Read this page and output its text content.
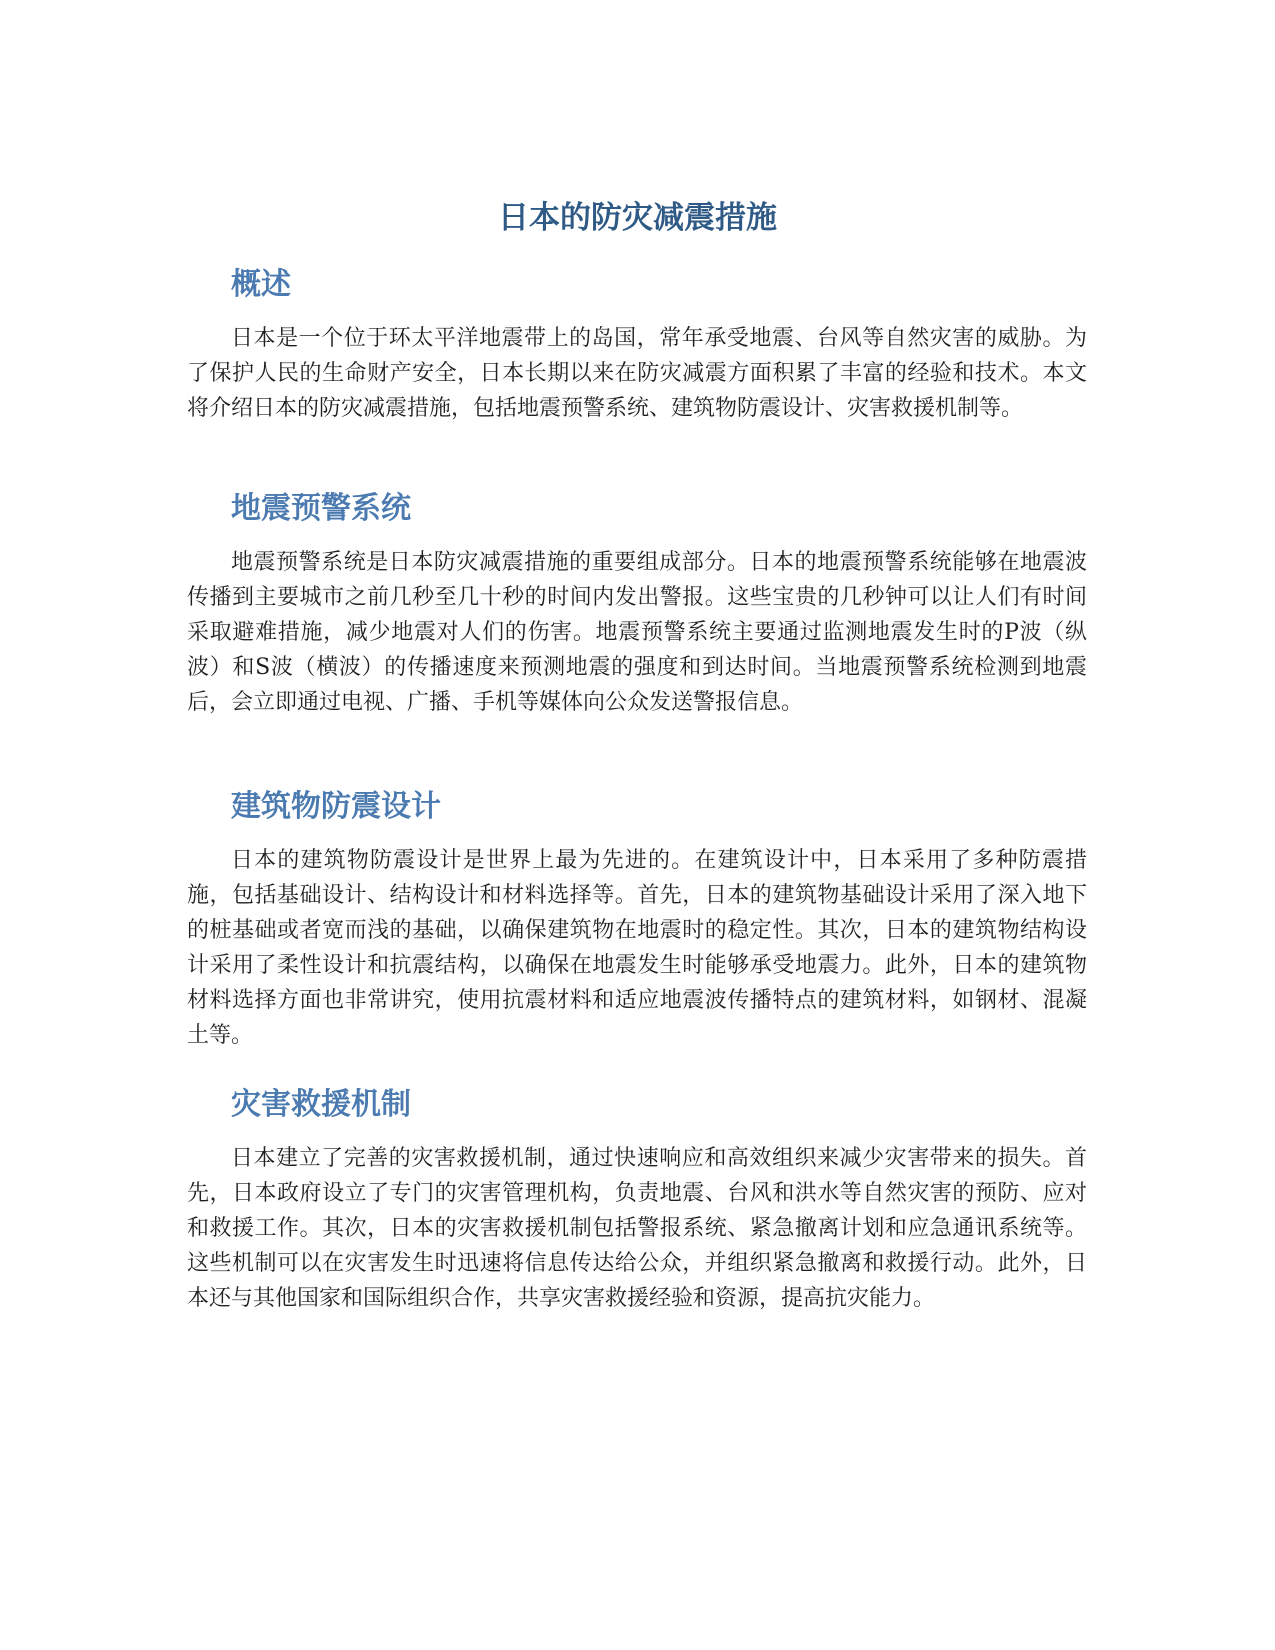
日本的防灾减震措施
概述

日本是一个位于环太平洋地震带上的岛国，常年承受地震、台风等自然灾害的威胁。为了保护人民的生命财产安全，日本长期以来在防灾减震方面积累了丰富的经验和技术。本文将介绍日本的防灾减震措施，包括地震预警系统、建筑物防震设计、灾害救援机制等。

地震预警系统

地震预警系统是日本防灾减震措施的重要组成部分。日本的地震预警系统能够在地震波传播到主要城市之前几秒至几十秒的时间内发出警报。这些宝贵的几秒钟可以让人们有时间采取避难措施，减少地震对人们的伤害。地震预警系统主要通过监测地震发生时的P波（纵波）和S波（横波）的传播速度来预测地震的强度和到达时间。当地震预警系统检测到地震后，会立即通过电视、广播、手机等媒体向公众发送警报信息。

建筑物防震设计

日本的建筑物防震设计是世界上最为先进的。在建筑设计中，日本采用了多种防震措施，包括基础设计、结构设计和材料选择等。首先，日本的建筑物基础设计采用了深入地下的桩基础或者宽而浅的基础，以确保建筑物在地震时的稳定性。其次，日本的建筑物结构设计采用了柔性设计和抗震结构，以确保在地震发生时能够承受地震力。此外，日本的建筑物材料选择方面也非常讲究，使用抗震材料和适应地震波传播特点的建筑材料，如钢材、混凝土等。

灾害救援机制

日本建立了完善的灾害救援机制，通过快速响应和高效组织来减少灾害带来的损失。首先，日本政府设立了专门的灾害管理机构，负责地震、台风和洪水等自然灾害的预防、应对和救援工作。其次，日本的灾害救援机制包括警报系统、紧急撤离计划和应急通讯系统等。这些机制可以在灾害发生时迅速将信息传达给公众，并组织紧急撤离和救援行动。此外，日本还与其他国家和国际组织合作，共享灾害救援经验和资源，提高抗灾能力。
